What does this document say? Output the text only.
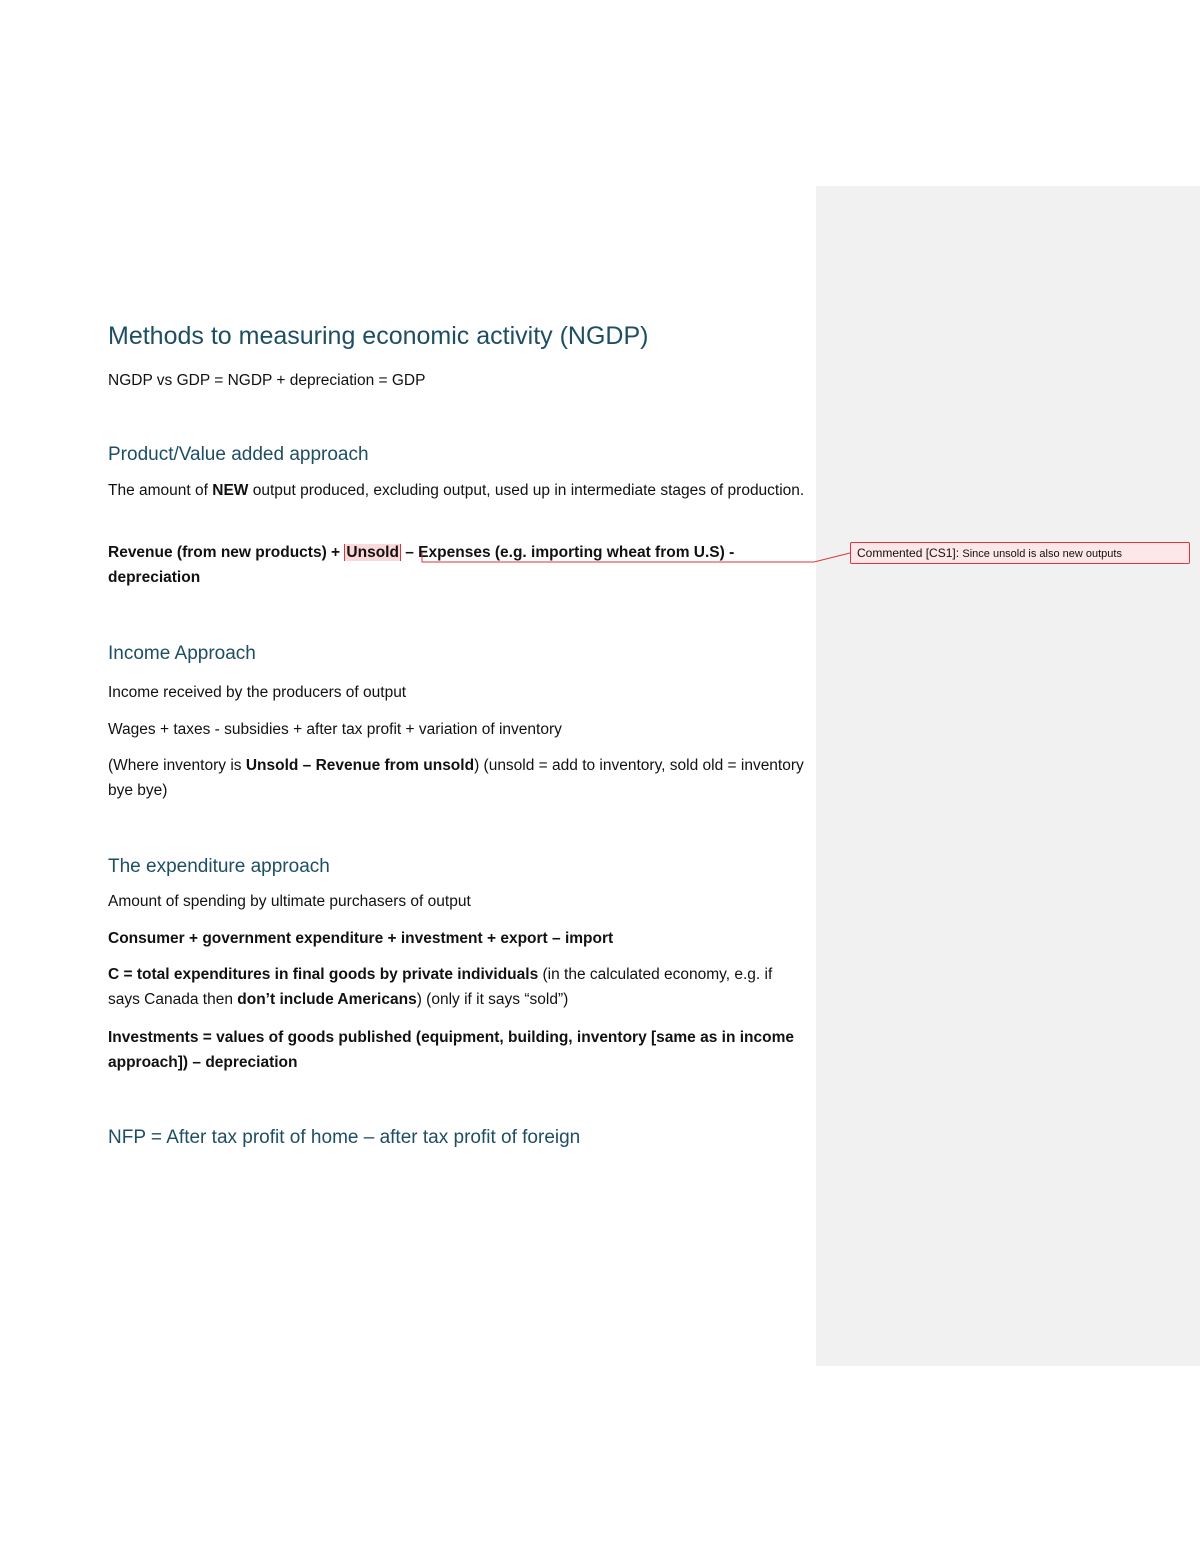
Methods to measuring economic activity (NGDP)

NGDP vs GDP = NGDP + depreciation = GDP

Product/Value added approach

The amount of NEW output produced, excluding output, used up in intermediate stages of production.

Revenue (from new products) + Unsold – Expenses (e.g. importing wheat from U.S) - depreciation

Income Approach

Income received by the producers of output

Wages + taxes - subsidies + after tax profit + variation of inventory

(Where inventory is Unsold – Revenue from unsold) (unsold = add to inventory, sold old = inventory bye bye)

The expenditure approach

Amount of spending by ultimate purchasers of output

Consumer + government expenditure + investment + export – import

C = total expenditures in final goods by private individuals (in the calculated economy, e.g. if says Canada then don’t include Americans) (only if it says “sold”)

Investments = values of goods published (equipment, building, inventory [same as in income approach]) – depreciation

NFP = After tax profit of home – after tax profit of foreign
Commented [CS1]: Since unsold is also new outputs
